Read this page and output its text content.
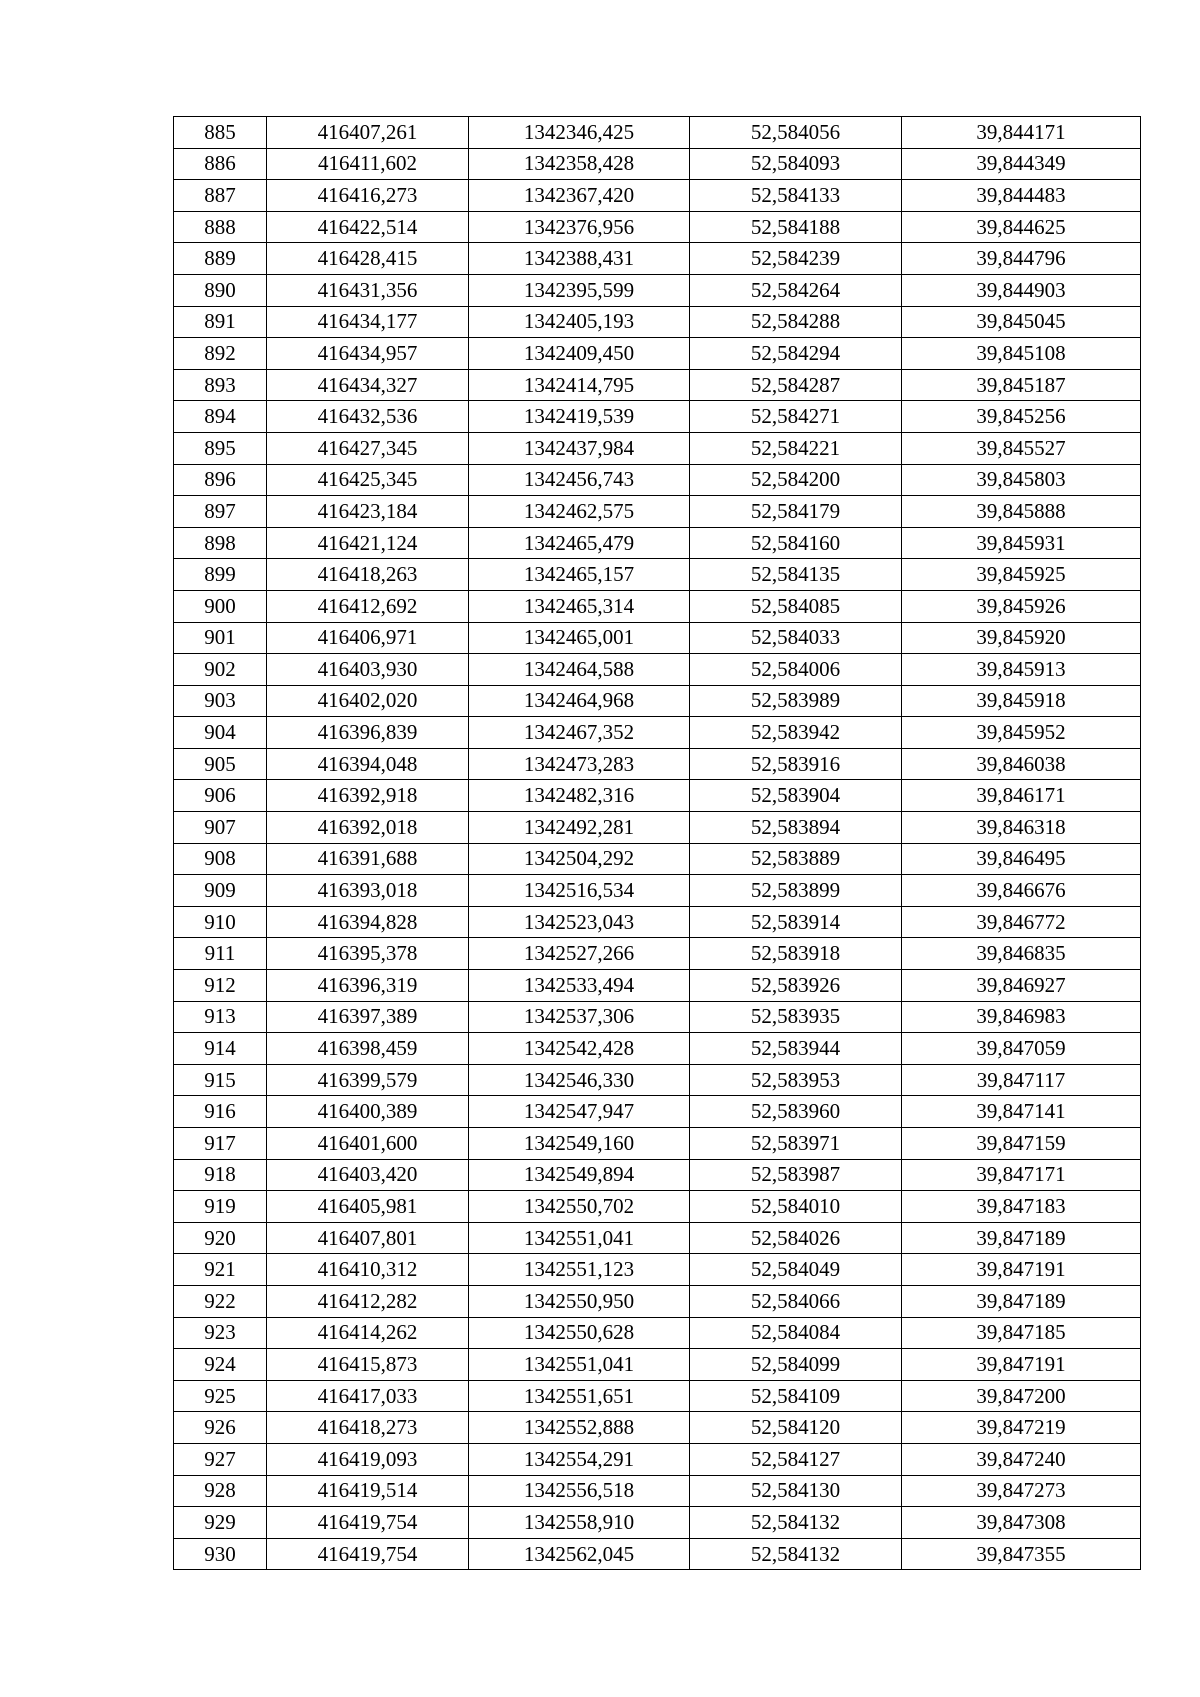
885	416407,261	1342346,425	52,584056	39,844171
886	416411,602	1342358,428	52,584093	39,844349
887	416416,273	1342367,420	52,584133	39,844483
888	416422,514	1342376,956	52,584188	39,844625
889	416428,415	1342388,431	52,584239	39,844796
890	416431,356	1342395,599	52,584264	39,844903
891	416434,177	1342405,193	52,584288	39,845045
892	416434,957	1342409,450	52,584294	39,845108
893	416434,327	1342414,795	52,584287	39,845187
894	416432,536	1342419,539	52,584271	39,845256
895	416427,345	1342437,984	52,584221	39,845527
896	416425,345	1342456,743	52,584200	39,845803
897	416423,184	1342462,575	52,584179	39,845888
898	416421,124	1342465,479	52,584160	39,845931
899	416418,263	1342465,157	52,584135	39,845925
900	416412,692	1342465,314	52,584085	39,845926
901	416406,971	1342465,001	52,584033	39,845920
902	416403,930	1342464,588	52,584006	39,845913
903	416402,020	1342464,968	52,583989	39,845918
904	416396,839	1342467,352	52,583942	39,845952
905	416394,048	1342473,283	52,583916	39,846038
906	416392,918	1342482,316	52,583904	39,846171
907	416392,018	1342492,281	52,583894	39,846318
908	416391,688	1342504,292	52,583889	39,846495
909	416393,018	1342516,534	52,583899	39,846676
910	416394,828	1342523,043	52,583914	39,846772
911	416395,378	1342527,266	52,583918	39,846835
912	416396,319	1342533,494	52,583926	39,846927
913	416397,389	1342537,306	52,583935	39,846983
914	416398,459	1342542,428	52,583944	39,847059
915	416399,579	1342546,330	52,583953	39,847117
916	416400,389	1342547,947	52,583960	39,847141
917	416401,600	1342549,160	52,583971	39,847159
918	416403,420	1342549,894	52,583987	39,847171
919	416405,981	1342550,702	52,584010	39,847183
920	416407,801	1342551,041	52,584026	39,847189
921	416410,312	1342551,123	52,584049	39,847191
922	416412,282	1342550,950	52,584066	39,847189
923	416414,262	1342550,628	52,584084	39,847185
924	416415,873	1342551,041	52,584099	39,847191
925	416417,033	1342551,651	52,584109	39,847200
926	416418,273	1342552,888	52,584120	39,847219
927	416419,093	1342554,291	52,584127	39,847240
928	416419,514	1342556,518	52,584130	39,847273
929	416419,754	1342558,910	52,584132	39,847308
930	416419,754	1342562,045	52,584132	39,847355
